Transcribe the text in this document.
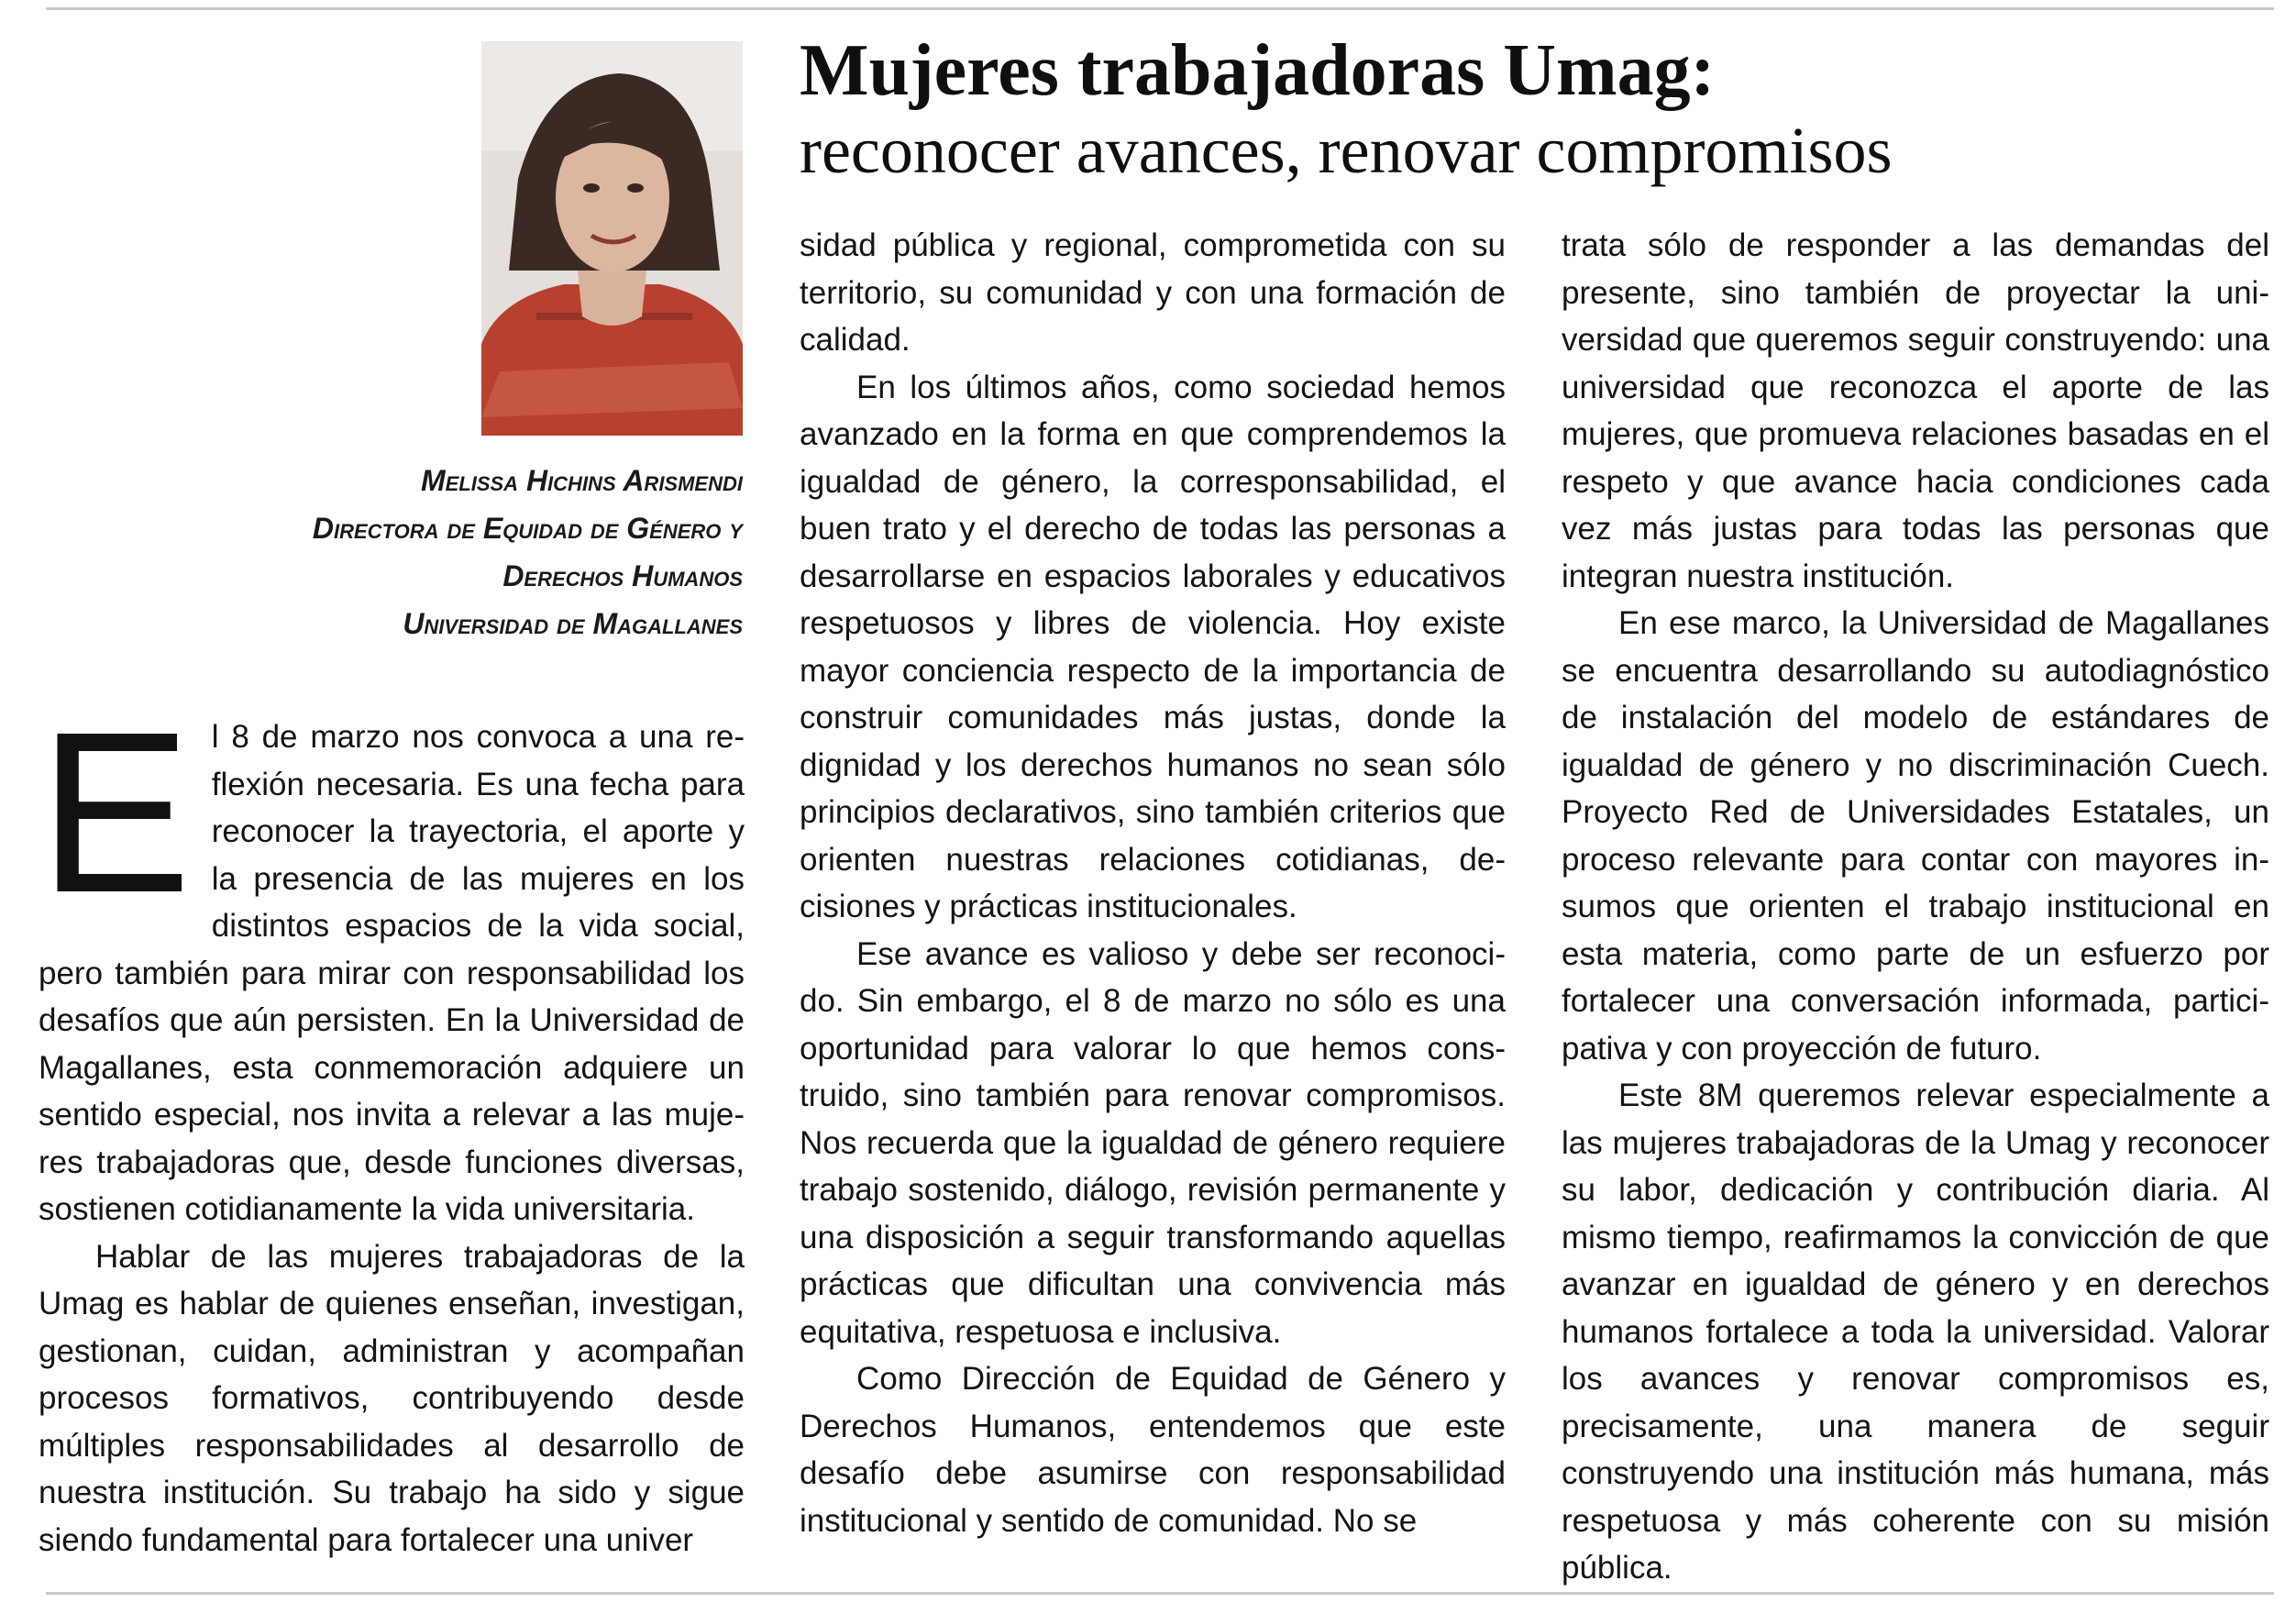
Melissa Hichins Arismendi
Directora de Equidad de Género y
Derechos Humanos
Universidad de Magallanes
Mujeres trabajadoras Umag:
reconocer avances, renovar compromisos

El 8 de marzo nos convoca a una reflexión necesaria. Es una fecha para reconocer la trayectoria, el aporte y la presencia de las mujeres en los distintos espacios de la vida social, pero también para mirar con responsabilidad los desafíos que aún persisten. En la Universidad de Magallanes, esta conmemoración adquiere un sentido especial, nos invita a relevar a las mujeres trabajadoras que, desde funciones diversas, sostienen cotidianamente la vida universitaria.

Hablar de las mujeres trabajadoras de la Umag es hablar de quienes enseñan, investigan, gestionan, cuidan, administran y acompañan procesos formativos, contribuyendo desde múltiples responsabilidades al desarrollo de nuestra institución. Su trabajo ha sido y sigue siendo fundamental para fortalecer una univer

sidad pública y regional, comprometida con su territorio, su comunidad y con una formación de calidad.

En los últimos años, como sociedad hemos avanzado en la forma en que comprendemos la igualdad de género, la corresponsabilidad, el buen trato y el derecho de todas las personas a desarrollarse en espacios laborales y educativos respetuosos y libres de violencia. Hoy existe mayor conciencia respecto de la importancia de construir comunidades más justas, donde la dignidad y los derechos humanos no sean sólo principios declarativos, sino también criterios que orienten nuestras relaciones cotidianas, decisiones y prácticas institucionales.

Ese avance es valioso y debe ser reconocido. Sin embargo, el 8 de marzo no sólo es una oportunidad para valorar lo que hemos construido, sino también para renovar compromisos. Nos recuerda que la igualdad de género requiere trabajo sostenido, diálogo, revisión permanente y una disposición a seguir transformando aquellas prácticas que dificultan una convivencia más equitativa, respetuosa e inclusiva.

Como Dirección de Equidad de Género y Derechos Humanos, entendemos que este desafío debe asumirse con responsabilidad institucional y sentido de comunidad. No se

trata sólo de responder a las demandas del presente, sino también de proyectar la universidad que queremos seguir construyendo: una universidad que reconozca el aporte de las mujeres, que promueva relaciones basadas en el respeto y que avance hacia condiciones cada vez más justas para todas las personas que integran nuestra institución.

En ese marco, la Universidad de Magallanes se encuentra desarrollando su autodiagnóstico de instalación del modelo de estándares de igualdad de género y no discriminación Cuech. Proyecto Red de Universidades Estatales, un proceso relevante para contar con mayores insumos que orienten el trabajo institucional en esta materia, como parte de un esfuerzo por fortalecer una conversación informada, participativa y con proyección de futuro.

Este 8M queremos relevar especialmente a las mujeres trabajadoras de la Umag y reconocer su labor, dedicación y contribución diaria. Al mismo tiempo, reafirmamos la convicción de que avanzar en igualdad de género y en derechos humanos fortalece a toda la universidad. Valorar los avances y renovar compromisos es, precisamente, una manera de seguir construyendo una institución más humana, más respetuosa y más coherente con su misión pública.
